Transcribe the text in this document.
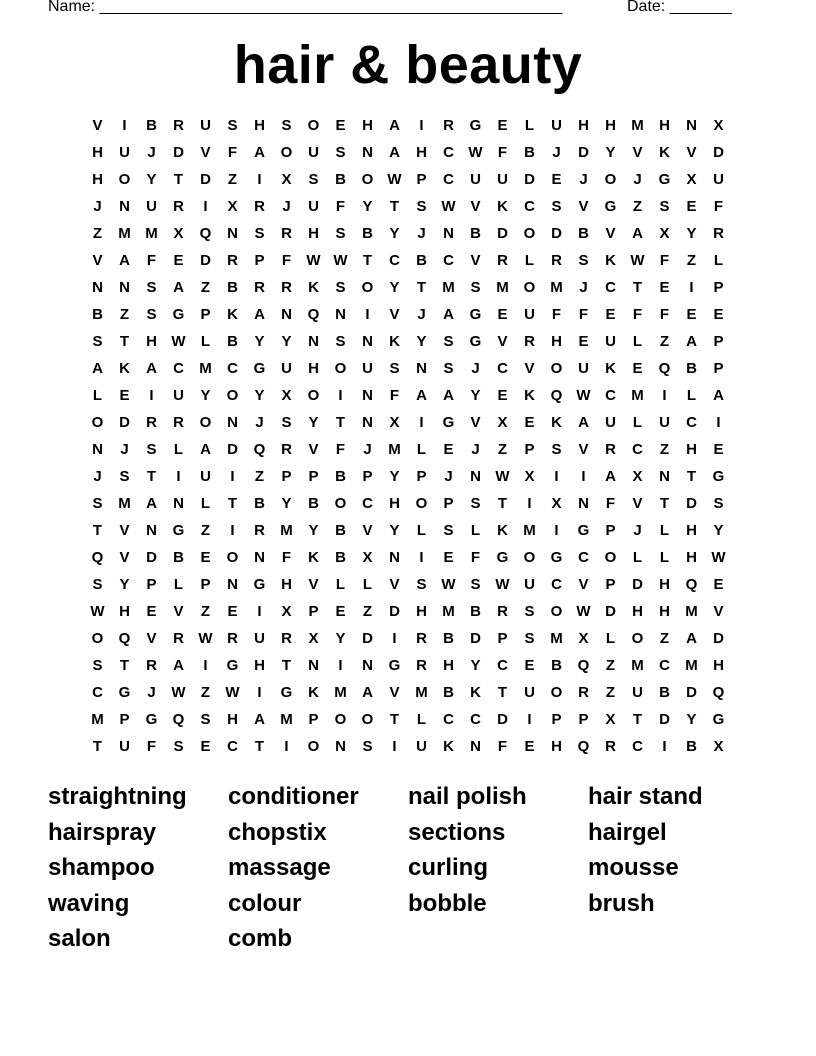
Name: ____________________________________________________	Date: _______
hair & beauty
V	I	B	R	U	S	H	S	O	E	H	A	I	R	G	E	L	U	H	H	M	H	N	X
H	U	J	D	V	F	A	O	U	S	N	A	H	C W	F	B	J	D	Y	V	K	V	D
H	O	Y	T	D	Z	I	X	S	B	O W P	C	U	U	D	E	J	O	J	G	X	U
J	N	U	R	I	X	R	J	U	F	Y	T	S W V	K	C	S	V	G	Z	S	E	F
Z	M M	X	Q	N	S	R	H	S	B	Y	J	N	B	D	O	D	B	V	A	X	Y	R
V	A	F	E	D	R	P	F	W W	T	C	B	C	V	R	L	R	S	K W	F	Z	L
N	N	S	A	Z	B	R	R	K	S	O	Y	T	M	S	M O M	J	C	T	E	I	P
B	Z	S	G	P	K	A	N	Q	N	I	V	J	A	G	E	U	F	F	E	F	F	E	E
S	T	H W	L	B	Y	Y	N	S	N	K	Y	S	G	V	R	H	E	U	L	Z	A	P
A	K	A	C	M	C	G	U	H	O	U	S	N	S	J	C	V	O	U	K	E	Q	B	P
L	E	I	U	Y	O	Y	X	O	I	N	F	A	A	Y	E	K	Q W C	M	I	L	A
O	D	R	R	O	N	J	S	Y	T	N	X	I	G	V	X	E	K	A	U	L	U	C	I
N	J	S	L	A	D	Q	R	V	F	J	M	L	E	J	Z	P	S	V	R	C	Z	H	E
J	S	T	I	U	I	Z	P	P	B	P	Y	P	J	N W X	I	I	A	X	N	T	G
S	M	A	N	L	T	B	Y	B	O	C	H	O	P	S	T	I	X	N	F	V	T	D	S
T	V	N	G	Z	I	R	M	Y	B	V	Y	L	S	L	K	M	I	G	P	J	L	H	Y
Q	V	D	B	E	O	N	F	K	B	X	N	I	E	F	G	O	G	C	O	L	L	H W
S	Y	P	L	P	N	G	H	V	L	L	V	S W S W U	C	V	P	D	H	Q	E
W H	E	V	Z	E	I	X	P	E	Z	D	H	M	B	R	S	O W D	H	H	M	V
O	Q	V	R W R	U	R	X	Y	D	I	R	B	D	P	S	M	X	L	O	Z	A	D
S	T	R	A	I	G	H	T	N	I	N	G	R	H	Y	C	E	B	Q	Z	M	C	M	H
C	G	J	W	Z	W	I	G	K	M	A	V	M	B	K	T	U	O	R	Z	U	B	D	Q
M	P	G	Q	S	H	A	M	P	O	O	T	L	C	C	D	I	P	P	X	T	D	Y	G
T	U	F	S	E	C	T	I	O	N	S	I	U	K	N	F	E	H	Q	R	C	I	B	X
straightning	conditioner	nail polish	hair stand
hairspray	chopstix	sections	hairgel
shampoo	massage	curling	mousse
waving	colour	bobble	brush
salon	comb
